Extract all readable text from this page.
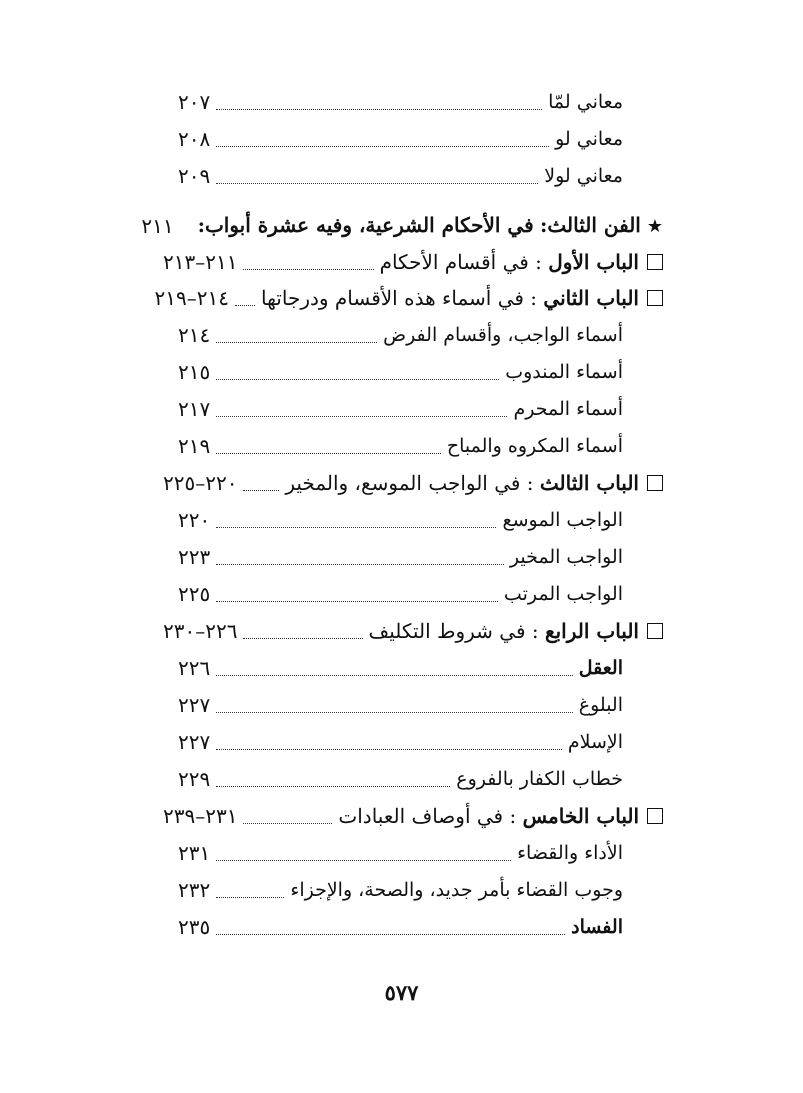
معاني لمّا
٢٠٧
معاني لو
٢٠٨
معاني لولا
٢٠٩
★الفن الثالث: في الأحكام الشرعية، وفيه عشرة أبواب:
٢١١
الباب الأول : في أقسام الأحكام
٢١١–٢١٣
الباب الثاني : في أسماء هذه الأقسام ودرجاتها
٢١٤–٢١٩
أسماء الواجب، وأقسام الفرض
٢١٤
أسماء المندوب
٢١٥
أسماء المحرم
٢١٧
أسماء المكروه والمباح
٢١٩
الباب الثالث : في الواجب الموسع، والمخير
٢٢٠–٢٢٥
الواجب الموسع
٢٢٠
الواجب المخير
٢٢٣
الواجب المرتب
٢٢٥
الباب الرابع : في شروط التكليف
٢٢٦–٢٣٠
العقل
٢٢٦
البلوغ
٢٢٧
الإسلام
٢٢٧
خطاب الكفار بالفروع
٢٢٩
الباب الخامس : في أوصاف العبادات
٢٣١–٢٣٩
الأداء والقضاء
٢٣١
وجوب القضاء بأمر جديد، والصحة، والإجزاء
٢٣٢
الفساد
٢٣٥
٥٧٧
